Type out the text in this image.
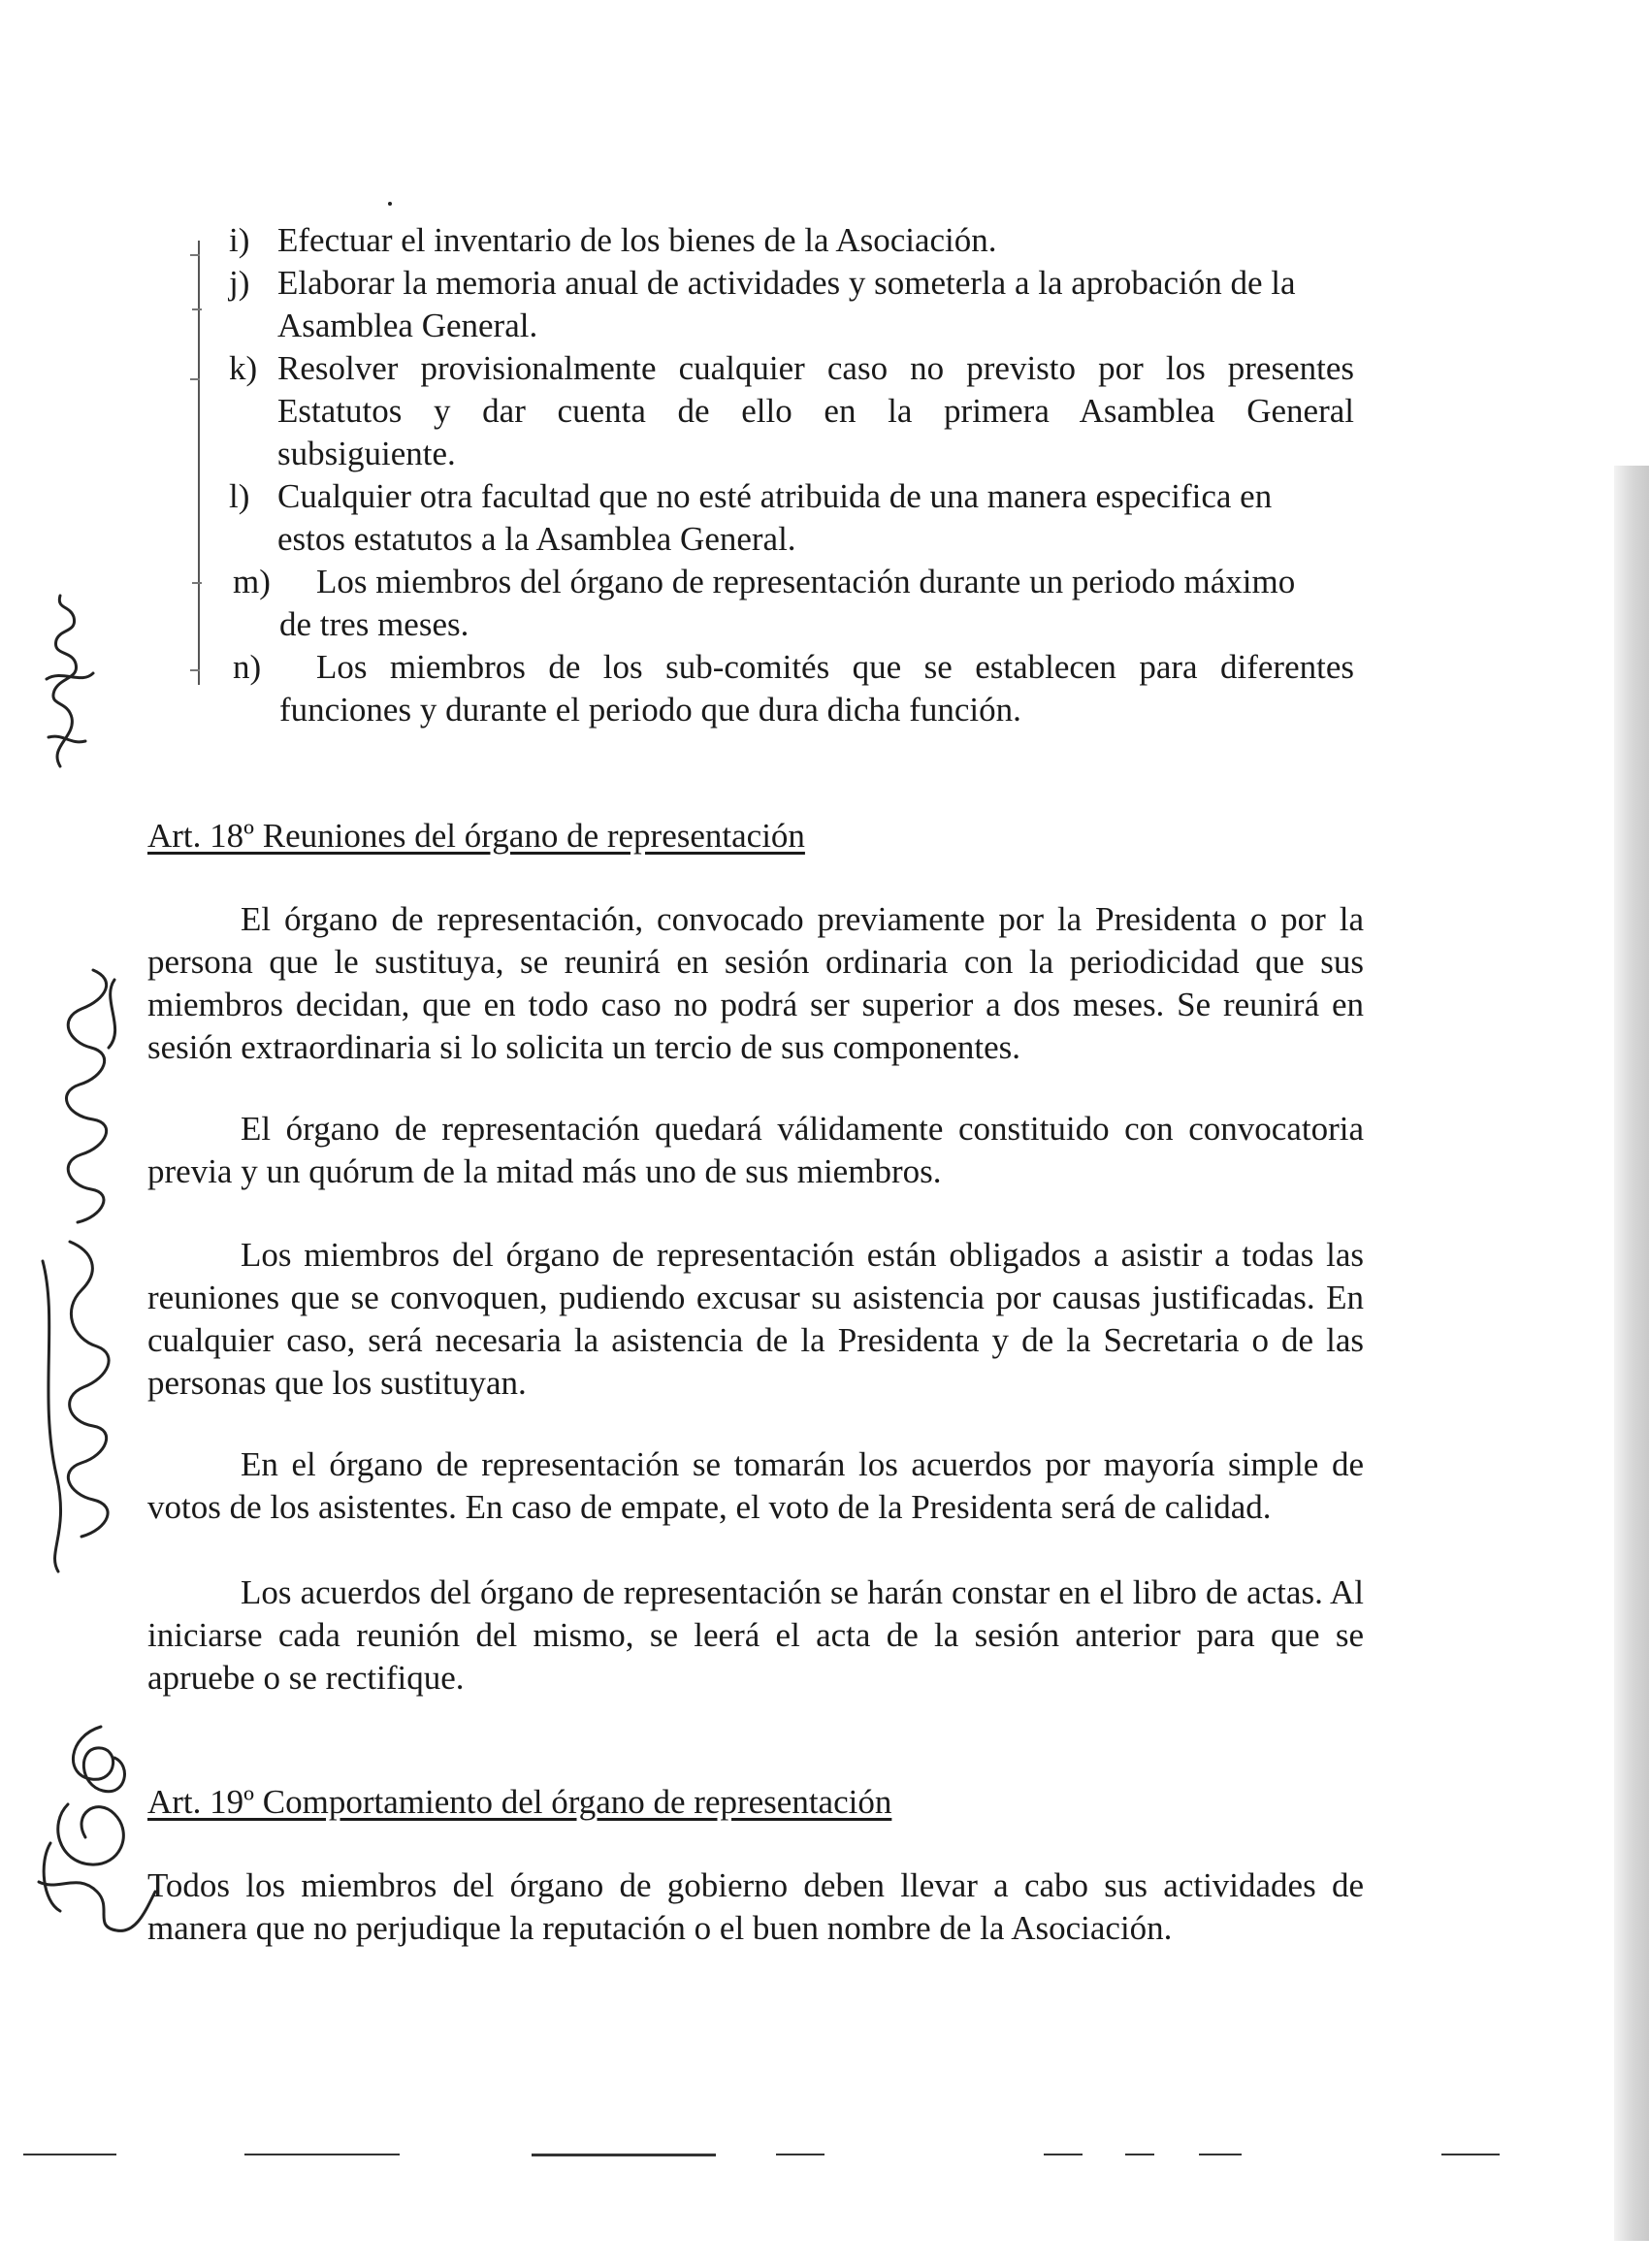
i) Efectuar el inventario de los bienes de la Asociación.
j) Elaborar la memoria anual de actividades y someterla a la aprobación de la
Asamblea General.
k) Resolver provisionalmente cualquier caso no previsto por los presentes
Estatutos y dar cuenta de ello en la primera Asamblea General
subsiguiente.
l) Cualquier otra facultad que no esté atribuida de una manera especifica en
estos estatutos a la Asamblea General.
m)	Los miembros del órgano de representación durante un periodo máximo
de tres meses.
n)	Los miembros de los sub-comités que se establecen para diferentes
funciones y durante el periodo que dura dicha función.
Art. 18º Reuniones del órgano de representación

El órgano de representación, convocado previamente por la Presidenta o por la persona que le sustituya, se reunirá en sesión ordinaria con la periodicidad que sus miembros decidan, que en todo caso no podrá ser superior a dos meses. Se reunirá en sesión extraordinaria si lo solicita un tercio de sus componentes.

El órgano de representación quedará válidamente constituido con convocatoria previa y un quórum de la mitad más uno de sus miembros.

Los miembros del órgano de representación están obligados a asistir a todas las reuniones que se convoquen, pudiendo excusar su asistencia por causas justificadas. En cualquier caso, será necesaria la asistencia de la Presidenta y de la Secretaria o de las personas que los sustituyan.

En el órgano de representación se tomarán los acuerdos por mayoría simple de votos de los asistentes. En caso de empate, el voto de la Presidenta será de calidad.

Los acuerdos del órgano de representación se harán constar en el libro de actas. Al iniciarse cada reunión del mismo, se leerá el acta de la sesión anterior para que se apruebe o se rectifique.

Art. 19º Comportamiento del órgano de representación

Todos los miembros del órgano de gobierno deben llevar a cabo sus actividades de manera que no perjudique la reputación o el buen nombre de la Asociación.
